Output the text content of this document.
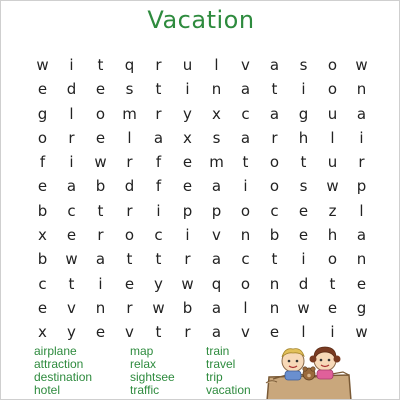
Vacation
w	i	t	q	r	u	l	v	a	s	o	w
e	d	e	s	t	i	n	a	t	i	o	n
g	l	o	m	r	y	x	c	a	g	u	a
o	r	e	l	a	x	s	a	r	h	l	i
f	i	w	r	f	e	m	t	o	t	u	r
e	a	b	d	f	e	a	i	o	s	w	p
b	c	t	r	i	p	p	o	c	e	z	l
x	e	r	o	c	i	v	n	b	e	h	a
b	w	a	t	t	r	a	c	t	i	o	n
c	t	i	e	y	w	q	o	n	d	t	e
e	v	n	r	w	b	a	l	n	w	e	g
x	y	e	v	t	r	a	v	e	l	i	w
airplane
attraction
destination
hotel
map
relax
sightsee
traffic
train
travel
trip
vacation
